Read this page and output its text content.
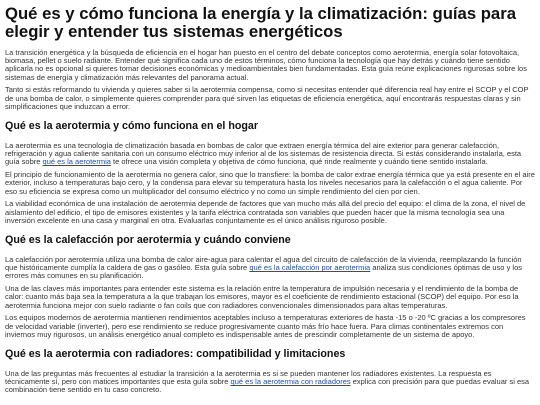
Qué es y cómo funciona la energía y la climatización: guías para elegir y entender tus sistemas energéticos

La transición energética y la búsqueda de eficiencia en el hogar han puesto en el centro del debate conceptos como aerotermia, energía solar fotovoltaica, biomasa, pellet o suelo radiante. Entender qué significa cada uno de estos términos, cómo funciona la tecnología que hay detrás y cuándo tiene sentido aplicarla no es opcional si quieres tomar decisiones económicas y medioambientales bien fundamentadas. Esta guía reúne explicaciones rigurosas sobre los sistemas de energía y climatización más relevantes del panorama actual.

Tanto si estás reformando tu vivienda y quieres saber si la aerotermia compensa, como si necesitas entender qué diferencia real hay entre el SCOP y el COP de una bomba de calor, o simplemente quieres comprender para qué sirven las etiquetas de eficiencia energética, aquí encontrarás respuestas claras y sin simplificaciones que induzcan a error.

Qué es la aerotermia y cómo funciona en el hogar

La aerotermia es una tecnología de climatización basada en bombas de calor que extraen energía térmica del aire exterior para generar calefacción, refrigeración y agua caliente sanitaria con un consumo eléctrico muy inferior al de los sistemas de resistencia directa. Si estás considerando instalarla, esta guía sobre qué es la aerotermia te ofrece una visión completa y objetiva de cómo funciona, qué rinde realmente y cuándo tiene sentido instalarla.

El principio de funcionamiento de la aerotermia no genera calor, sino que lo transfiere: la bomba de calor extrae energía térmica que ya está presente en el aire exterior, incluso a temperaturas bajo cero, y la condensa para elevar su temperatura hasta los niveles necesarios para la calefacción o el agua caliente. Por eso su eficiencia se expresa como un multiplicador del consumo eléctrico y no como un simple rendimiento del cien por cien.

La viabilidad económica de una instalación de aerotermia depende de factores que van mucho más allá del precio del equipo: el clima de la zona, el nivel de aislamiento del edificio, el tipo de emisores existentes y la tarifa eléctrica contratada son variables que pueden hacer que la misma tecnología sea una inversión excelente en una casa y marginal en otra. Evaluarlas conjuntamente es el único análisis riguroso posible.

Qué es la calefacción por aerotermia y cuándo conviene

La calefacción por aerotermia utiliza una bomba de calor aire-agua para calentar el agua del circuito de calefacción de la vivienda, reemplazando la función que históricamente cumplía la caldera de gas o gasóleo. Esta guía sobre qué es la calefacción por aerotermia analiza sus condiciones óptimas de uso y los errores más comunes en su planificación.

Una de las claves más importantes para entender este sistema es la relación entre la temperatura de impulsión necesaria y el rendimiento de la bomba de calor: cuanto más baja sea la temperatura a la que trabajan los emisores, mayor es el coeficiente de rendimiento estacional (SCOP) del equipo. Por eso la aerotermia funciona mejor con suelo radiante o fan coils que con radiadores convencionales dimensionados para altas temperaturas.

Los equipos modernos de aerotermia mantienen rendimientos aceptables incluso a temperaturas exteriores de hasta -15 o -20 ºC gracias a los compresores de velocidad variable (inverter), pero ese rendimiento se reduce progresivamente cuanto más frío hace fuera. Para climas continentales extremos con inviernos muy rigurosos, un análisis energético anual completo es indispensable antes de prescindir completamente de un sistema de apoyo.

Qué es la aerotermia con radiadores: compatibilidad y limitaciones

Una de las preguntas más frecuentes al estudiar la transición a la aerotermia es si se pueden mantener los radiadores existentes. La respuesta es técnicamente sí, pero con matices importantes que esta guía sobre qué es la aerotermia con radiadores explica con precisión para que puedas evaluar si esa combinación tiene sentido en tu caso concreto.
